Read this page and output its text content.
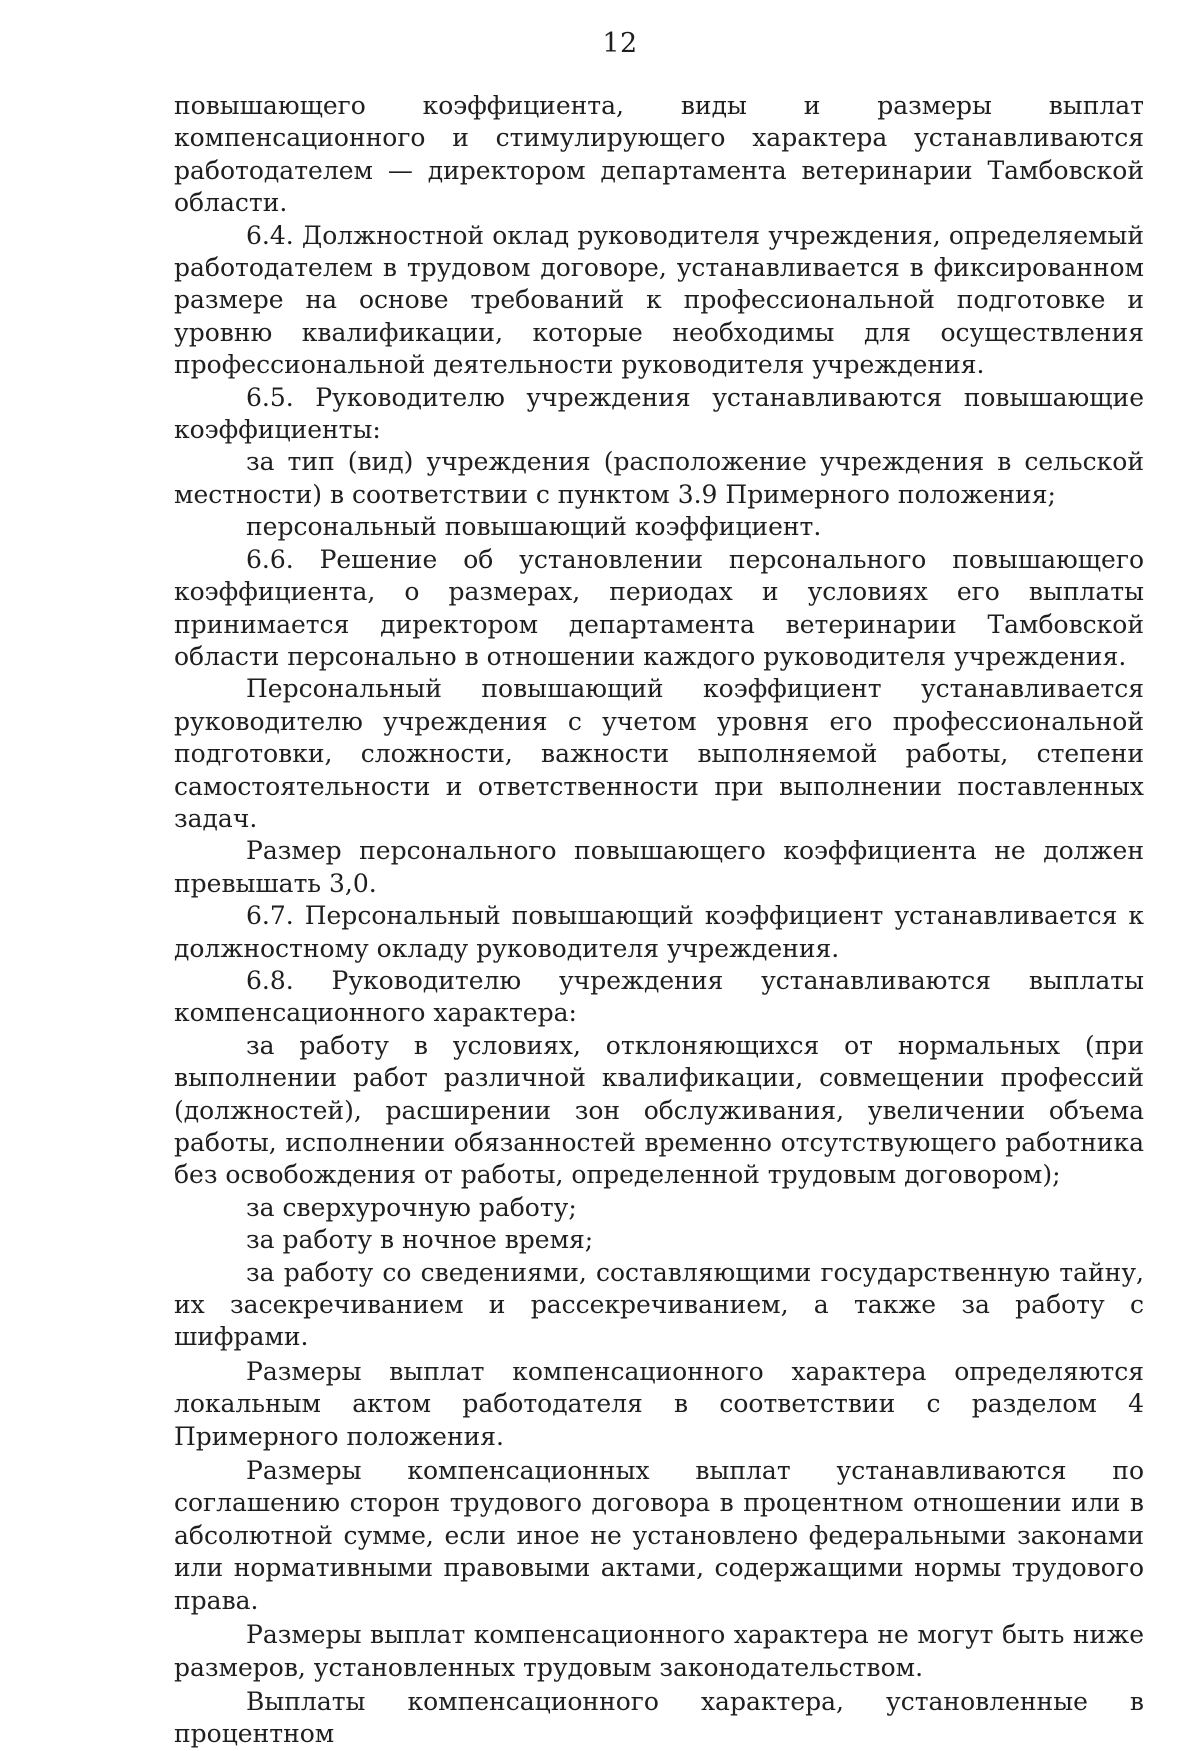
12

повышающего коэффициента, виды и размеры выплат компенсационного и стимулирующего характера устанавливаются работодателем — директором департамента ветеринарии Тамбовской области.

6.4. Должностной оклад руководителя учреждения, определяемый работодателем в трудовом договоре, устанавливается в фиксированном размере на основе требований к профессиональной подготовке и уровню квалификации, которые необходимы для осуществления профессиональной деятельности руководителя учреждения.

6.5. Руководителю учреждения устанавливаются повышающие коэффициенты:

за тип (вид) учреждения (расположение учреждения в сельской местности) в соответствии с пунктом 3.9 Примерного положения;

персональный повышающий коэффициент.

6.6. Решение об установлении персонального повышающего коэффициента, о размерах, периодах и условиях его выплаты принимается директором департамента ветеринарии Тамбовской области персонально в отношении каждого руководителя учреждения.

Персональный повышающий коэффициент устанавливается руководителю учреждения с учетом уровня его профессиональной подготовки, сложности, важности выполняемой работы, степени самостоятельности и ответственности при выполнении поставленных задач.

Размер персонального повышающего коэффициента не должен превышать 3,0.

6.7. Персональный повышающий коэффициент устанавливается к должностному окладу руководителя учреждения.

6.8. Руководителю учреждения устанавливаются выплаты компенсационного характера:

за работу в условиях, отклоняющихся от нормальных (при выполнении работ различной квалификации, совмещении профессий (должностей), расширении зон обслуживания, увеличении объема работы, исполнении обязанностей временно отсутствующего работника без освобождения от работы, определенной трудовым договором);

за сверхурочную работу;

за работу в ночное время;

за работу со сведениями, составляющими государственную тайну, их засекречиванием и рассекречиванием, а также за работу с шифрами.

Размеры выплат компенсационного характера определяются локальным актом работодателя в соответствии с разделом 4 Примерного положения.

Размеры компенсационных выплат устанавливаются по соглашению сторон трудового договора в процентном отношении или в абсолютной сумме, если иное не установлено федеральными законами или нормативными правовыми актами, содержащими нормы трудового права.

Размеры выплат компенсационного характера не могут быть ниже размеров, установленных трудовым законодательством.

Выплаты компенсационного характера, установленные в процентном
